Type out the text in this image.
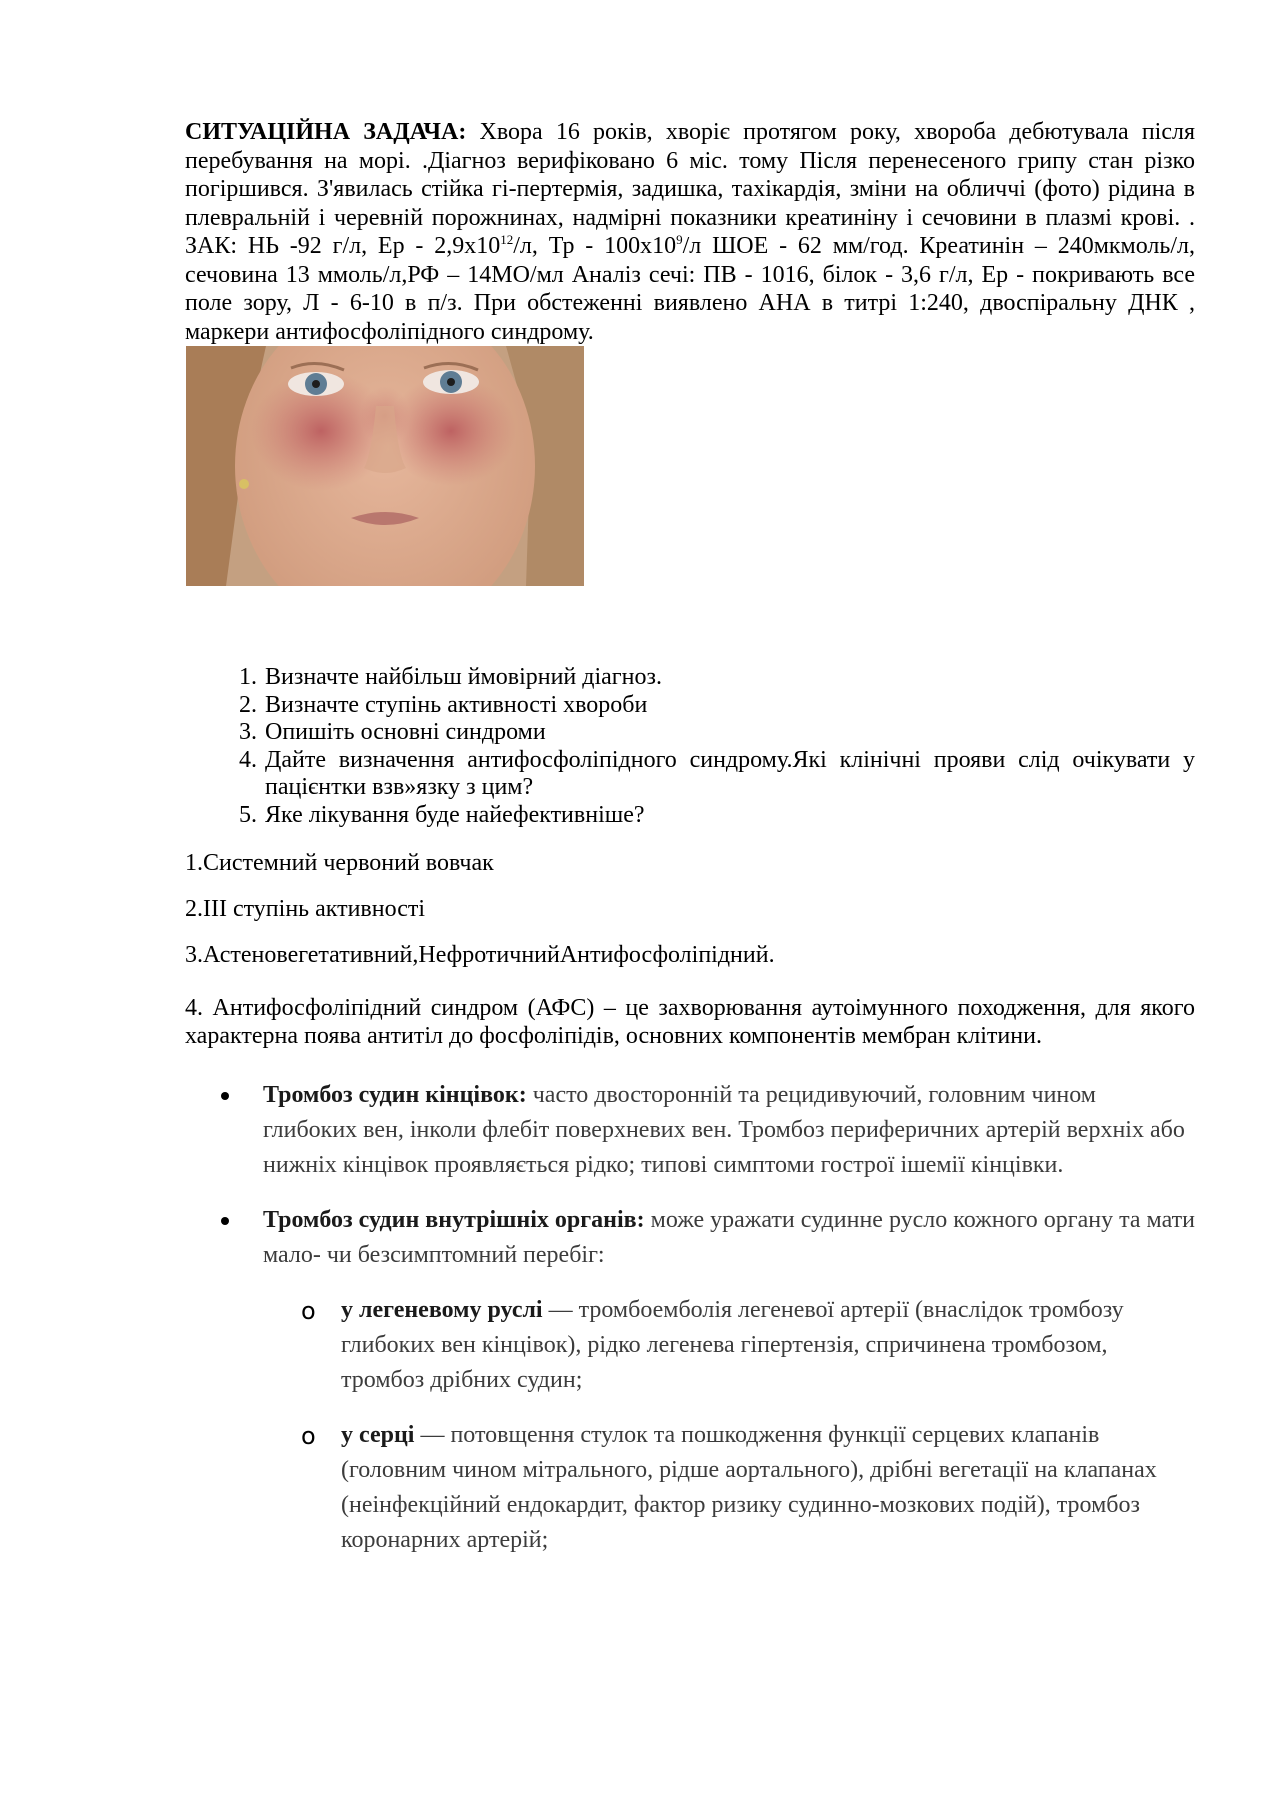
СИТУАЦІЙНА ЗАДАЧА: Хвора 16 років, хворіє протягом року, хвороба дебютувала після перебування на морі. .Діагноз верифіковано 6 міс. тому Після перенесеного грипу стан різко погіршився. З'явилась стійка гі-пертермія, задишка, тахікардія, зміни на обличчі (фото) рідина в плевральній і черевній порожнинах, надмірні показники креатиніну і сечовини в плазмі крові. . ЗАК: НЬ -92 г/л, Ер - $2,9х10^{12}/л$, Тр - $100х10^9/л$ ШОЕ - 62 мм/год. Креатинін – 240мкмоль/л, сечовина 13 ммоль/л,РФ – 14МО/мл Аналіз сечі: ПВ - 1016, білок - 3,6 г/л, Ер - покривають все поле зору, Л - 6-10 в п/з. При обстеженні виявлено АНА в титрі 1:240, двоспіральну ДНК , маркери антифосфоліпідного синдрому.

1. Визначте найбільш ймовірний діагноз.
2. Визначте ступінь активності хвороби
3. Опишіть основні синдроми
4. Дайте визначення антифосфоліпідного синдрому.Які клінічні прояви слід очікувати у пацієнтки взв»язку з цим?
5. Яке лікування буде найефективніше?

1.Системний червоний вовчак

2.ІІІ ступінь активності

3.Астеновегетативний,НефротичнийАнтифосфоліпідний.

4. Антифосфоліпідний синдром (АФС) – це захворювання аутоімунного походження, для якого характерна поява антитіл до фосфоліпідів, основних компонентів мембран клітини.

Тромбоз судин кінцівок: часто двосторонній та рецидивуючий, головним чином глибоких вен, інколи флебіт поверхневих вен. Тромбоз периферичних артерій верхніх або нижніх кінцівок проявляється рідко; типові симптоми гострої ішемії кінцівки.
Тромбоз судин внутрішніх органів: може уражати судинне русло кожного органу та мати мало- чи безсимптомний перебіг:
o у легеневому руслі — тромбоемболія легеневої артерії (внаслідок тромбозу глибоких вен кінцівок), рідко легенева гіпертензія, спричинена тромбозом, тромбоз дрібних судин;
o у серці — потовщення стулок та пошкодження функції серцевих клапанів (головним чином мітрального, рідше аортального), дрібні вегетації на клапанах (неінфекційний ендокардит, фактор ризику судинно-мозкових подій), тромбоз коронарних артерій;
